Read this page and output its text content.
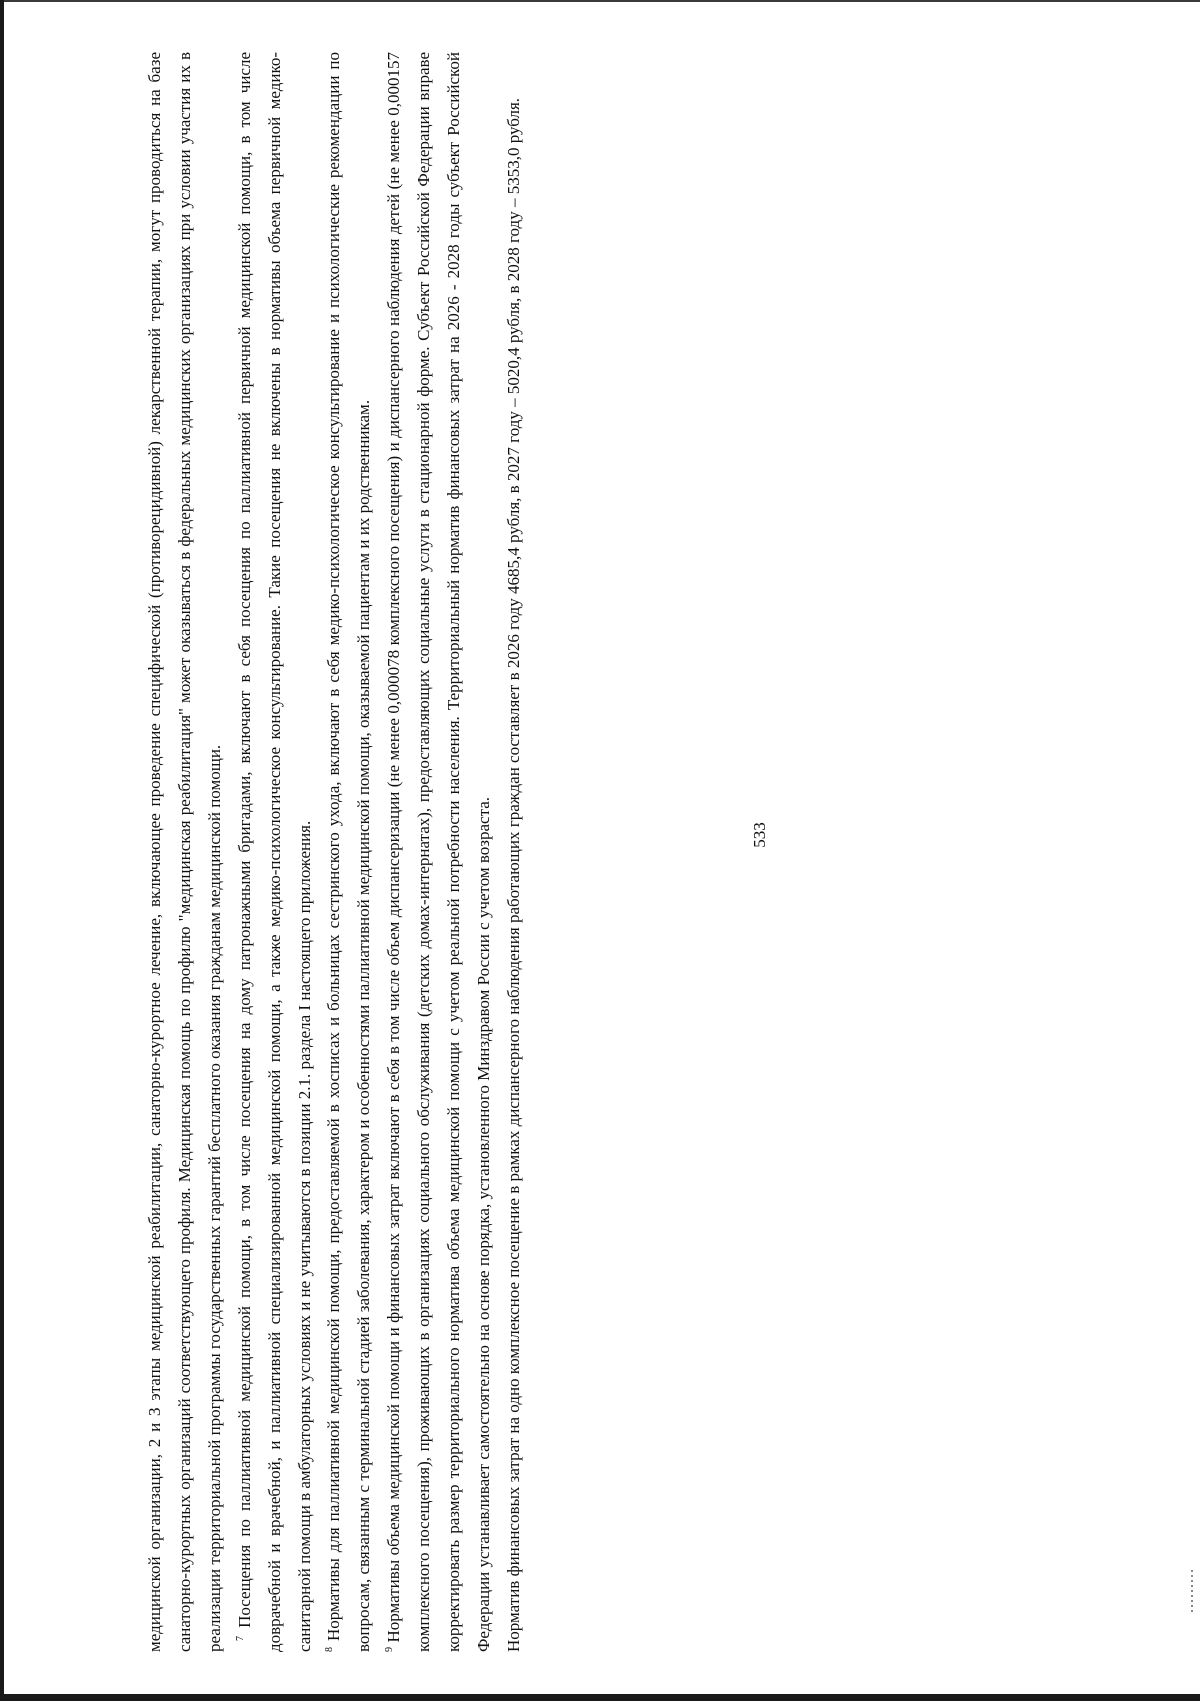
533

медицинской организации, 2 и 3 этапы медицинской реабилитации, санаторно-курортное лечение, включающее проведение специфической (противорецидивной) лекарственной терапии, могут проводиться на базе санаторно-курортных организаций соответствующего профиля. Медицинская помощь по профилю "медицинская реабилитация" может оказываться в федеральных медицинских организациях при условии участия их в реализации территориальной программы государственных гарантий бесплатного оказания гражданам медицинской помощи.	$^7$ Посещения по паллиативной медицинской помощи, в том числе посещения на дому патронажными бригадами, включают в себя посещения по паллиативной первичной медицинской помощи, в том числе доврачебной и врачебной, и паллиативной специализированной медицинской помощи, а также медико-психологическое консультирование. Такие посещения не включены в нормативы объема первичной медико-санитарной помощи в амбулаторных условиях и не учитываются в позиции 2.1. раздела I настоящего приложения.	$^8$ Нормативы для паллиативной медицинской помощи, предоставляемой в хосписах и больницах сестринского ухода, включают в себя медико-психологическое консультирование и психологические рекомендации по вопросам, связанным с терминальной стадией заболевания, характером и особенностями паллиативной медицинской помощи, оказываемой пациентам и их родственникам.	$^9$ Нормативы объема медицинской помощи и финансовых затрат включают в себя в том числе объем диспансеризации (не менее 0,000078 комплексного посещения) и диспансерного наблюдения детей (не менее 0,000157 комплексного посещения), проживающих в организациях социального обслуживания (детских домах-интернатах), предоставляющих социальные услуги в стационарной форме. Субъект Российской Федерации вправе корректировать размер территориального норматива объема медицинской помощи с учетом реальной потребности населения. Территориальный норматив финансовых затрат на 2026 - 2028 годы субъект Российской Федерации устанавливает самостоятельно на основе порядка, установленного Минздравом России с учетом возраста. Норматив финансовых затрат на одно комплексное посещение в рамках диспансерного наблюдения работающих граждан составляет в 2026 году 4685,4 рубля, в 2027 году – 5020,4 рубля, в 2028 году – 5353,0 рубля.
